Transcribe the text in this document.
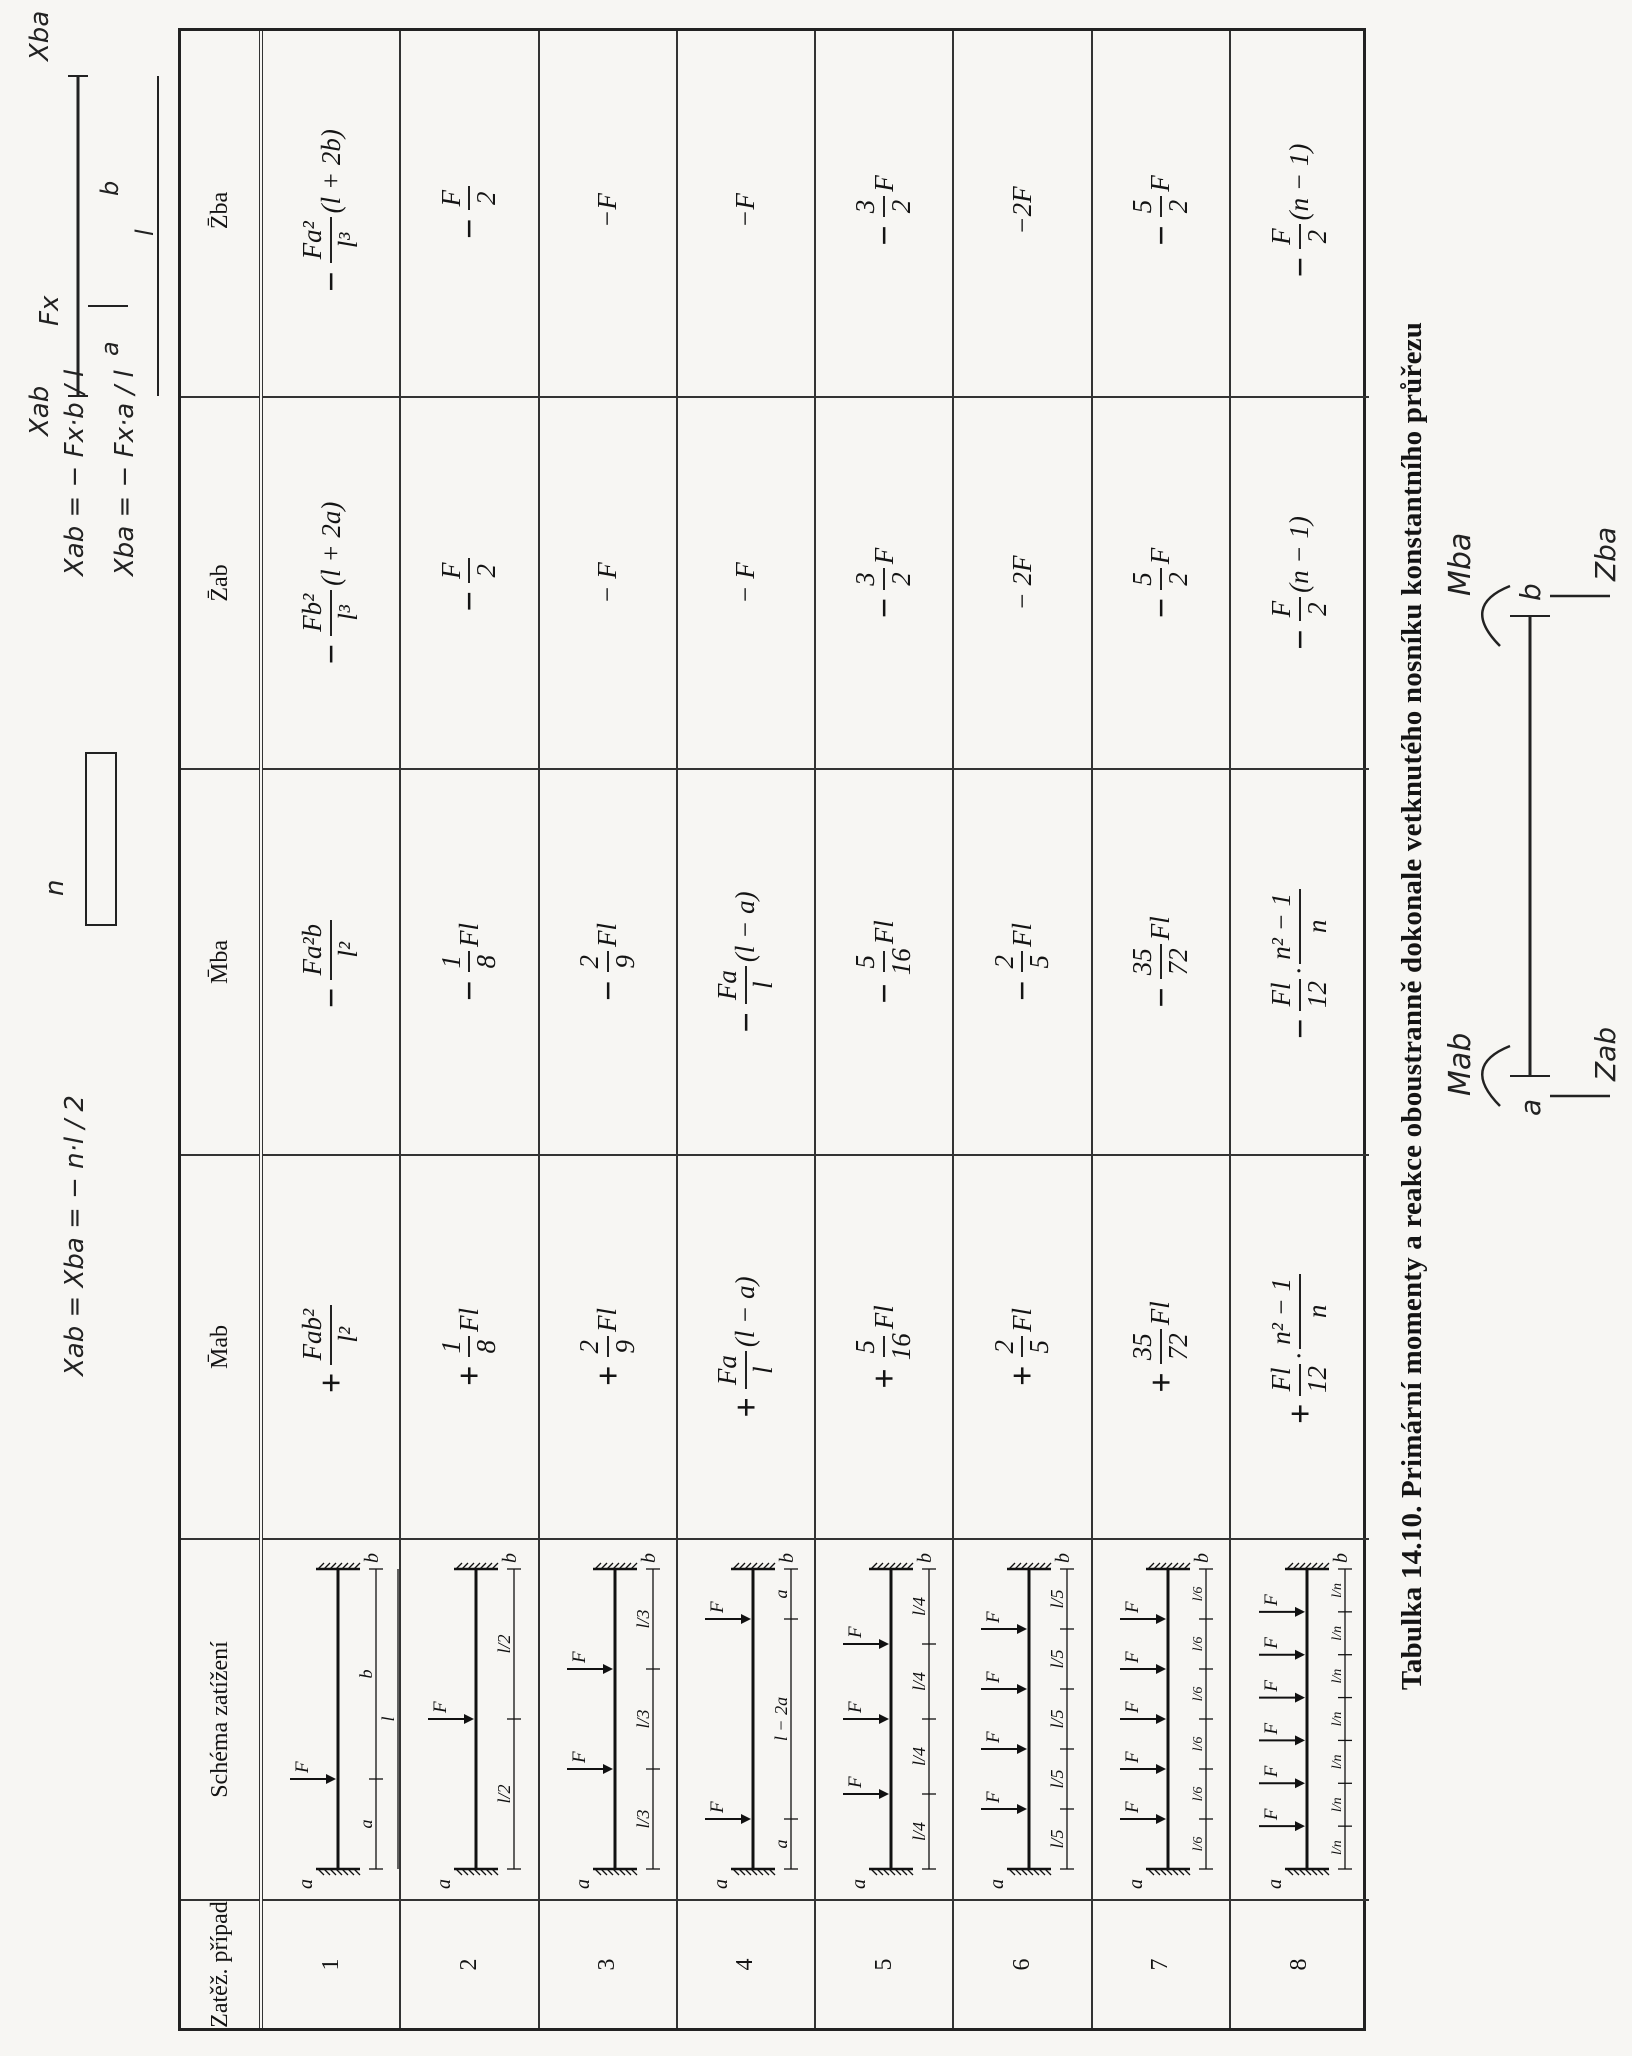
Tabulka 14.10. Primární momenty a reakce oboustranně dokonale vetknutého nosníku konstantního průřezu Mab
Mba
Zab
Zba
a
b
Zatěž. případ
Schéma zatížení
M̄ab
M̄ba
Z̄ab
Z̄ba
1
a
b
F
a
b
l
+
Fab² l²
−
Fa²b l²
−
Fb² l³
(l + 2a)
−
Fa² l³
(l + 2b)
2
a
b
F
l/2
l/2
+
1 8
Fl
−
1 8
Fl
−
F 2
−
F 2
3
a
b
F
F
l/3
l/3
l/3
+
2 9
Fl
−
2 9
Fl
− F
−F
4
a
b
F
F
a
l − 2a
a
+
Fa l
(l − a)
−
Fa l
(l − a)
− F
−F
5
a
b
F
F
F
l/4
l/4
l/4
l/4
+
5 16
Fl
−
5 16
Fl
−
3 2
F
−
3 2
F
6
a
b
F
F
F
F
l/5
l/5
l/5
l/5
l/5
+
2 5
Fl
−
2 5
Fl
− 2F
−2F
7
a
b
F
F
F
F
F
l/6
l/6
l/6
l/6
l/6
l/6
+
35 72
Fl
−
35 72
Fl
−
5 2
F
−
5 2
F
8
a
b
F
F
F
F
F
F
l/n
l/n
l/n
l/n
l/n
l/n
l/n
+
Fl 12
·
n² − 1 n
−
Fl 12
·
n² − 1 n
−
F 2
(n − 1)
−
F 2
(n − 1)
Xab
Xba
Fx
a
b
l
Xab = − Fx·b / l Xba = − Fx·a / l
Xab = Xba = − n·l / 2
n
